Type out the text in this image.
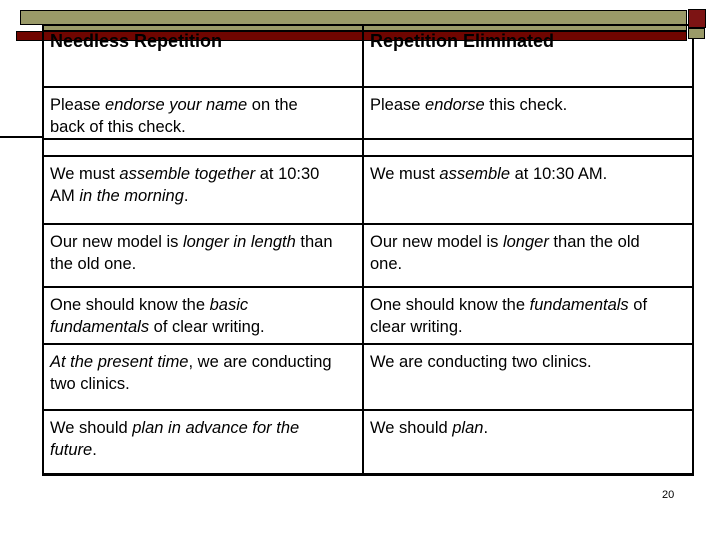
Needless Repetition	Repetition Eliminated
Please endorse your name on the
back of this check.	Please endorse this check.

We must assemble together at 10:30
AM in the morning.	We must assemble at 10:30 AM.
Our new model is longer in length than
the old one.	Our new model is longer than the old
one.
One should know the basic
fundamentals of clear writing.	One should know the fundamentals of
clear writing.
At the present time, we are conducting
two clinics.	We are conducting two clinics.
We should plan in advance for the
future.	We should plan.
20
